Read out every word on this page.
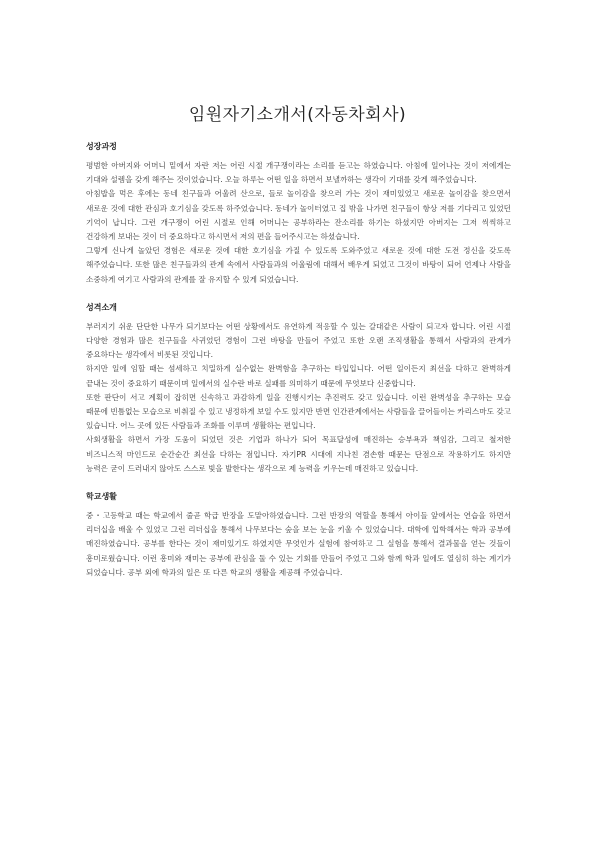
임원자기소개서(자동차회사)
성장과정

평범한 아버지와 어머니 밑에서 자란 저는 어린 시절 개구쟁이라는 소리를 듣고는 하였습니다. 아침에 일어나는 것이 저에게는 기대와 설렘을 갖게 해주는 것이었습니다. 오늘 하루는 어떤 일을 하면서 보낼까하는 생각이 기대를 갖게 해주었습니다.

아침밥을 먹은 후에는 동네 친구들과 어울려 산으로, 들로 놀이감을 찾으러 가는 것이 재미있었고 새로운 놀이감을 찾으면서 새로운 것에 대한 관심과 호기심을 갖도록 하주었습니다. 동네가 놀이터였고 집 밖을 나가면 친구들이 항상 저를 기다리고 있었던 기억이 납니다. 그런 개구쟁이 어린 시절로 인해 어머니는 공부하라는 잔소리를 하기는 하셨지만 아버지는 그저 씩씩하고 건강하게 보내는 것이 더 중요하다고 하시면서 저의 편을 들어주시고는 하셨습니다.

그렇게 신나게 놀았던 경험은 새로운 것에 대한 호기심을 가질 수 있도록 도와주었고 새로운 것에 대한 도전 정신을 갖도록 해주었습니다. 또한 많은 친구들과의 관계 속에서 사람들과의 어울림에 대해서 배우게 되었고 그것이 바탕이 되어 언제나 사람을 소중하게 여기고 사람과의 관계를 잘 유지할 수 있게 되었습니다.

성격소개

부러지기 쉬운 단단한 나무가 되기보다는 어떤 상황에서도 유연하게 적응할 수 있는 갈대같은 사람이 되고자 합니다. 어린 시절 다양한 경험과 많은 친구들을 사귀었던 경험이 그런 바탕을 만들어 주었고 또한 오랜 조직생활을 통해서 사람과의 관계가 중요하다는 생각에서 비롯된 것입니다.

하지만 일에 임할 때는 섬세하고 치밀하게 실수없는 완벽함을 추구하는 타입입니다. 어떤 일이든지 최선을 다하고 완벽하게 끝내는 것이 중요하기 때문이며 일에서의 실수란 바로 실패를 의미하기 때문에 무엇보다 신중합니다.

또한 판단이 서고 계획이 잡히면 신속하고 과감하게 일을 진행시키는 추진력도 갖고 있습니다. 이런 완벽성을 추구하는 모습 때문에 빈틈없는 모습으로 비춰질 수 있고 냉정하게 보일 수도 있지만 반면 인간관계에서는 사람들을 끌어들이는 카리스마도 갖고 있습니다. 어느 곳에 있든 사람들과 조화를 이루며 생활하는 편입니다.

사회생활을 하면서 가장 도움이 되었던 것은 기업과 하나가 되어 목표달성에 매진하는 승부욕과 책임감, 그리고 철저한 비즈니스적 마인드로 순간순간 최선을 다하는 점입니다. 자기PR 시대에 지나친 겸손함 때문는 단점으로 작용하기도 하지만 능력은 굳이 드러내지 않아도 스스로 빛을 발한다는 생각으로 제 능력을 키우는데 매진하고 있습니다.

학교생활

중・고등학교 때는 학교에서 줄곧 학급 반장을 도맡아하였습니다. 그런 반장의 역할을 통해서 아이들 앞에서는 연습을 하면서 리더십을 배울 수 있었고 그런 리더십을 통해서 나무보다는 숲을 보는 눈을 키울 수 있었습니다. 대학에 입학해서는 학과 공부에 매진하였습니다. 공부를 한다는 것이 재미있기도 하였지만 무엇인가 실험에 참여하고 그 실험을 통해서 결과물을 얻는 것들이 흥미로웠습니다. 이런 흥미와 재미는 공부에 관심을 둘 수 있는 기회를 만들어 주었고 그와 함께 학과 일에도 열심히 하는 계기가 되었습니다. 공부 외에 학과의 일은 또 다른 학교의 생활을 제공해 주었습니다.
